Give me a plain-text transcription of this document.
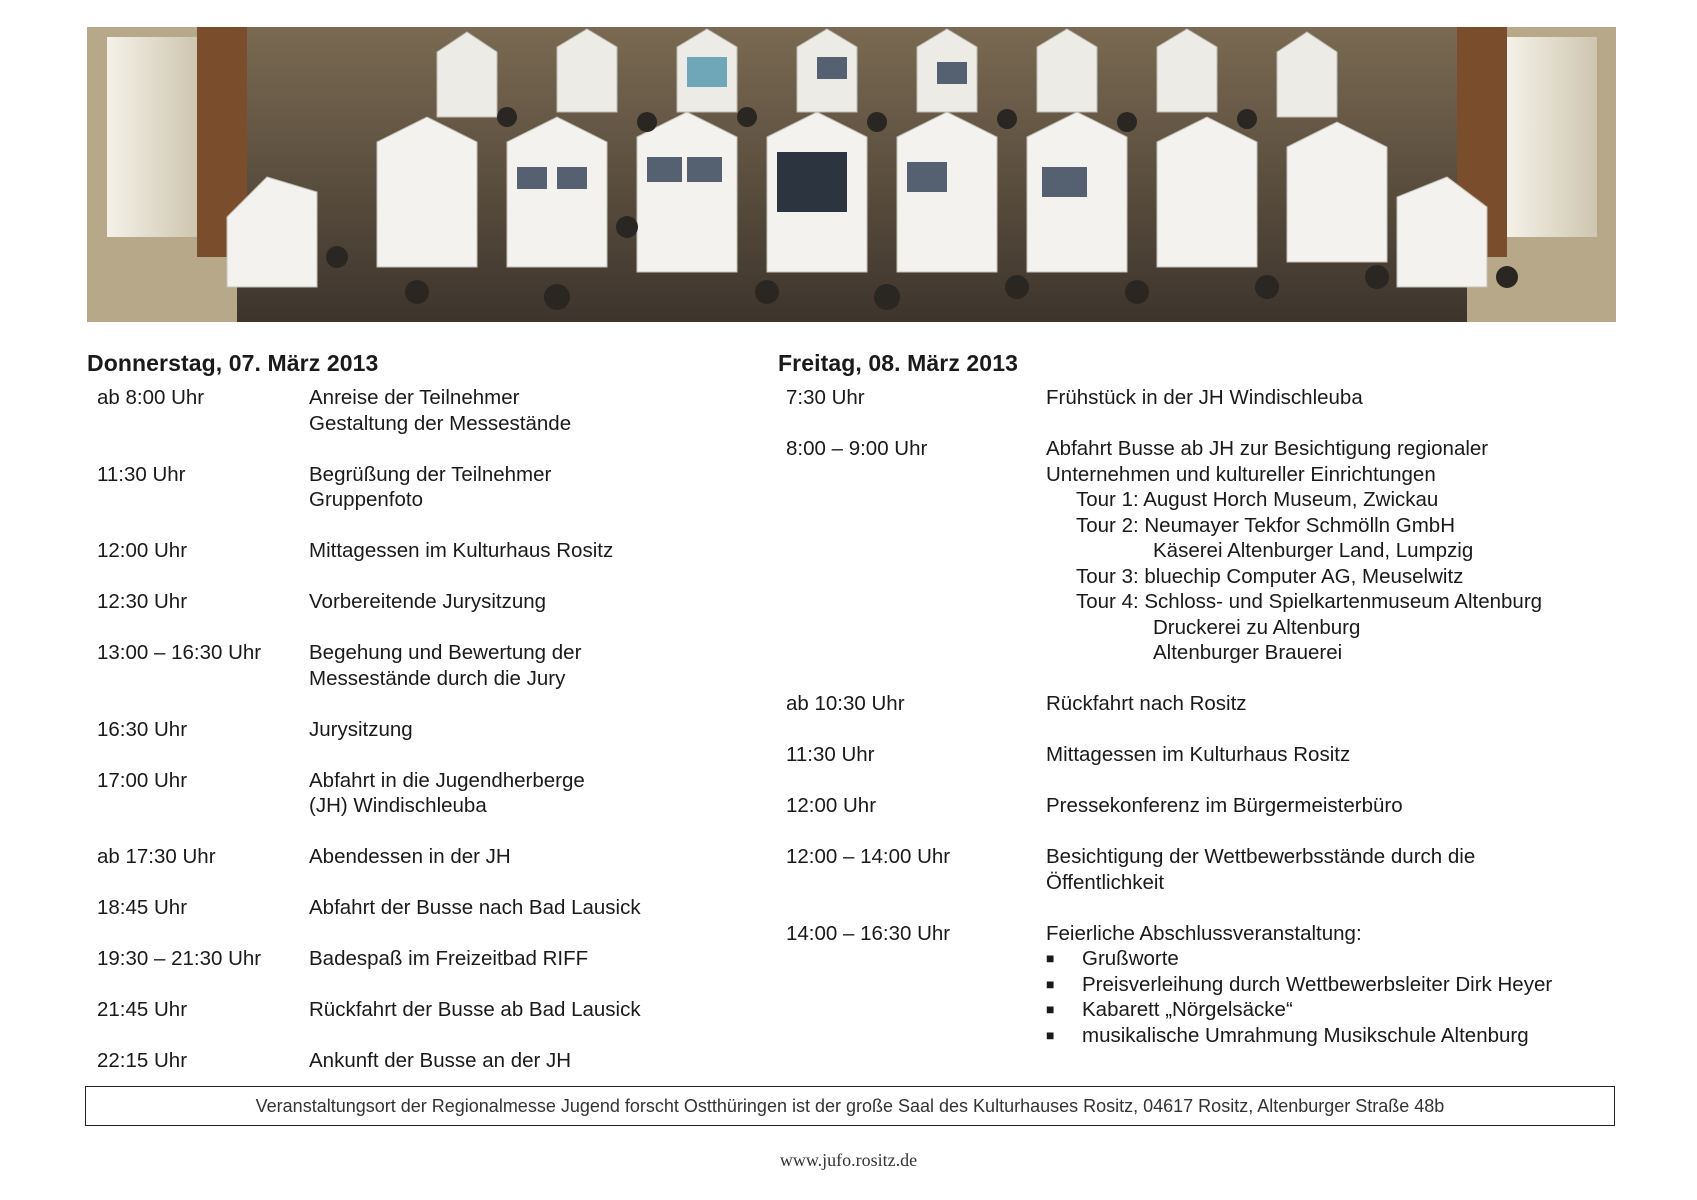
Donnerstag, 07. März 2013
ab 8:00 Uhr	Anreise der Teilnehmer
Gestaltung der Messestände
11:30 Uhr	Begrüßung der Teilnehmer
Gruppenfoto
12:00 Uhr	Mittagessen im Kulturhaus Rositz
12:30 Uhr	Vorbereitende Jurysitzung
13:00 – 16:30 Uhr	Begehung und Bewertung der
Messestände durch die Jury
16:30 Uhr	Jurysitzung
17:00 Uhr	Abfahrt in die Jugendherberge
(JH) Windischleuba
ab 17:30 Uhr	Abendessen in der JH
18:45 Uhr	Abfahrt der Busse nach Bad Lausick
19:30 – 21:30 Uhr	Badespaß im Freizeitbad RIFF
21:45 Uhr	Rückfahrt der Busse ab Bad Lausick
22:15 Uhr	Ankunft der Busse an der JH
Freitag, 08. März 2013
7:30 Uhr	Frühstück in der JH Windischleuba
8:00 – 9:00 Uhr	Abfahrt Busse ab JH zur Besichtigung regionaler
Unternehmen und kultureller Einrichtungen
Tour 1: August Horch Museum, Zwickau
Tour 2: Neumayer Tekfor Schmölln GmbH
Käserei Altenburger Land, Lumpzig
Tour 3: bluechip Computer AG, Meuselwitz
Tour 4: Schloss- und Spielkartenmuseum Altenburg
Druckerei zu Altenburg
Altenburger Brauerei
ab 10:30 Uhr	Rückfahrt nach Rositz
11:30 Uhr	Mittagessen im Kulturhaus Rositz
12:00 Uhr	Pressekonferenz im Bürgermeisterbüro
12:00 – 14:00 Uhr	Besichtigung der Wettbewerbsstände durch die
Öffentlichkeit
14:00 – 16:30 Uhr	Feierliche Abschlussveranstaltung:
■	Grußworte
■	Preisverleihung durch Wettbewerbsleiter Dirk Heyer
■	Kabarett „Nörgelsäcke“
■	musikalische Umrahmung Musikschule Altenburg
Veranstaltungsort der Regionalmesse Jugend forscht Ostthüringen ist der große Saal des Kulturhauses Rositz, 04617 Rositz, Altenburger Straße 48b
www.jufo.rositz.de
